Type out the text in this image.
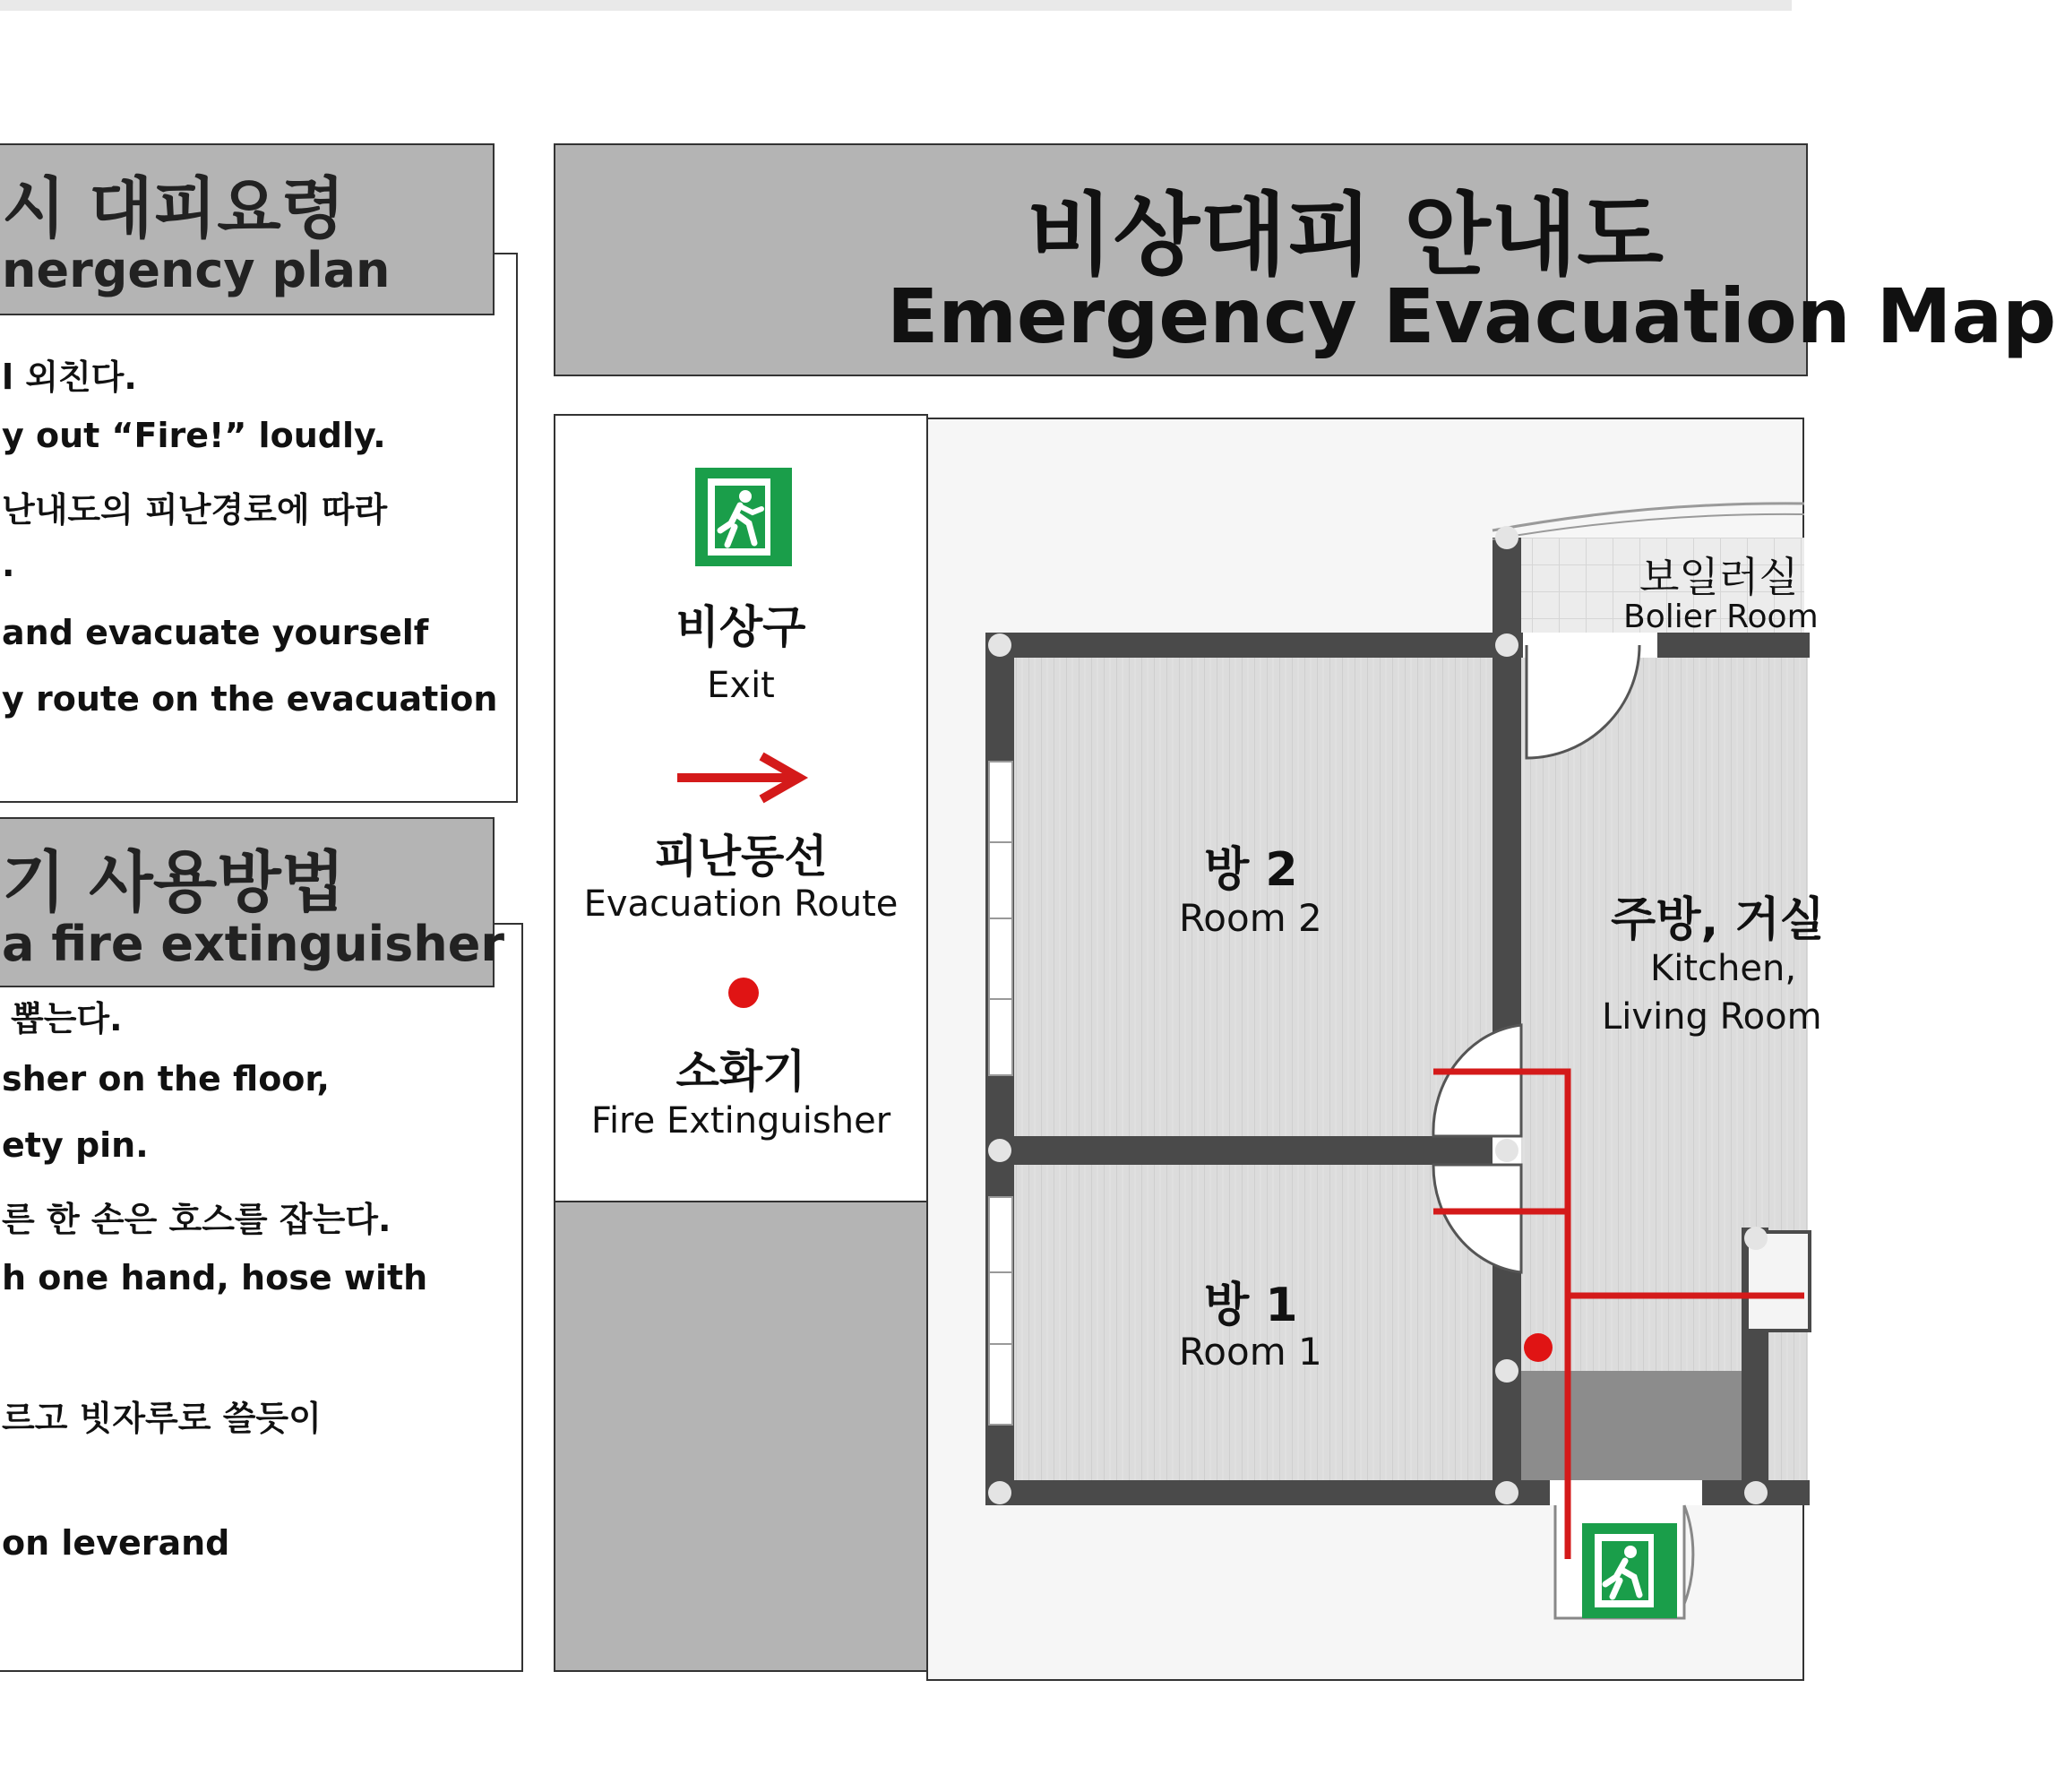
l 외친다.
y out “Fire!” loudly.
난내도의 피난경로에 따라
.
and evacuate yourself
y route on the evacuation
시 대피요령
nergency plan
뽑는다.
sher on the floor,
ety pin.
른 한 손은 호스를 잡는다.
h one hand, hose with
르고 빗자루로 쓸듯이
on leverand
기 사용방법
a fire extinguisher
비상대피 안내도
Emergency Evacuation Map
비상구
Exit
피난동선
Evacuation Route
소화기
Fire Extinguisher
보일러실
Bolier Room
방 2
Room 2	주방, 거실
Kitchen,
Living Room
방 1
Room 1
